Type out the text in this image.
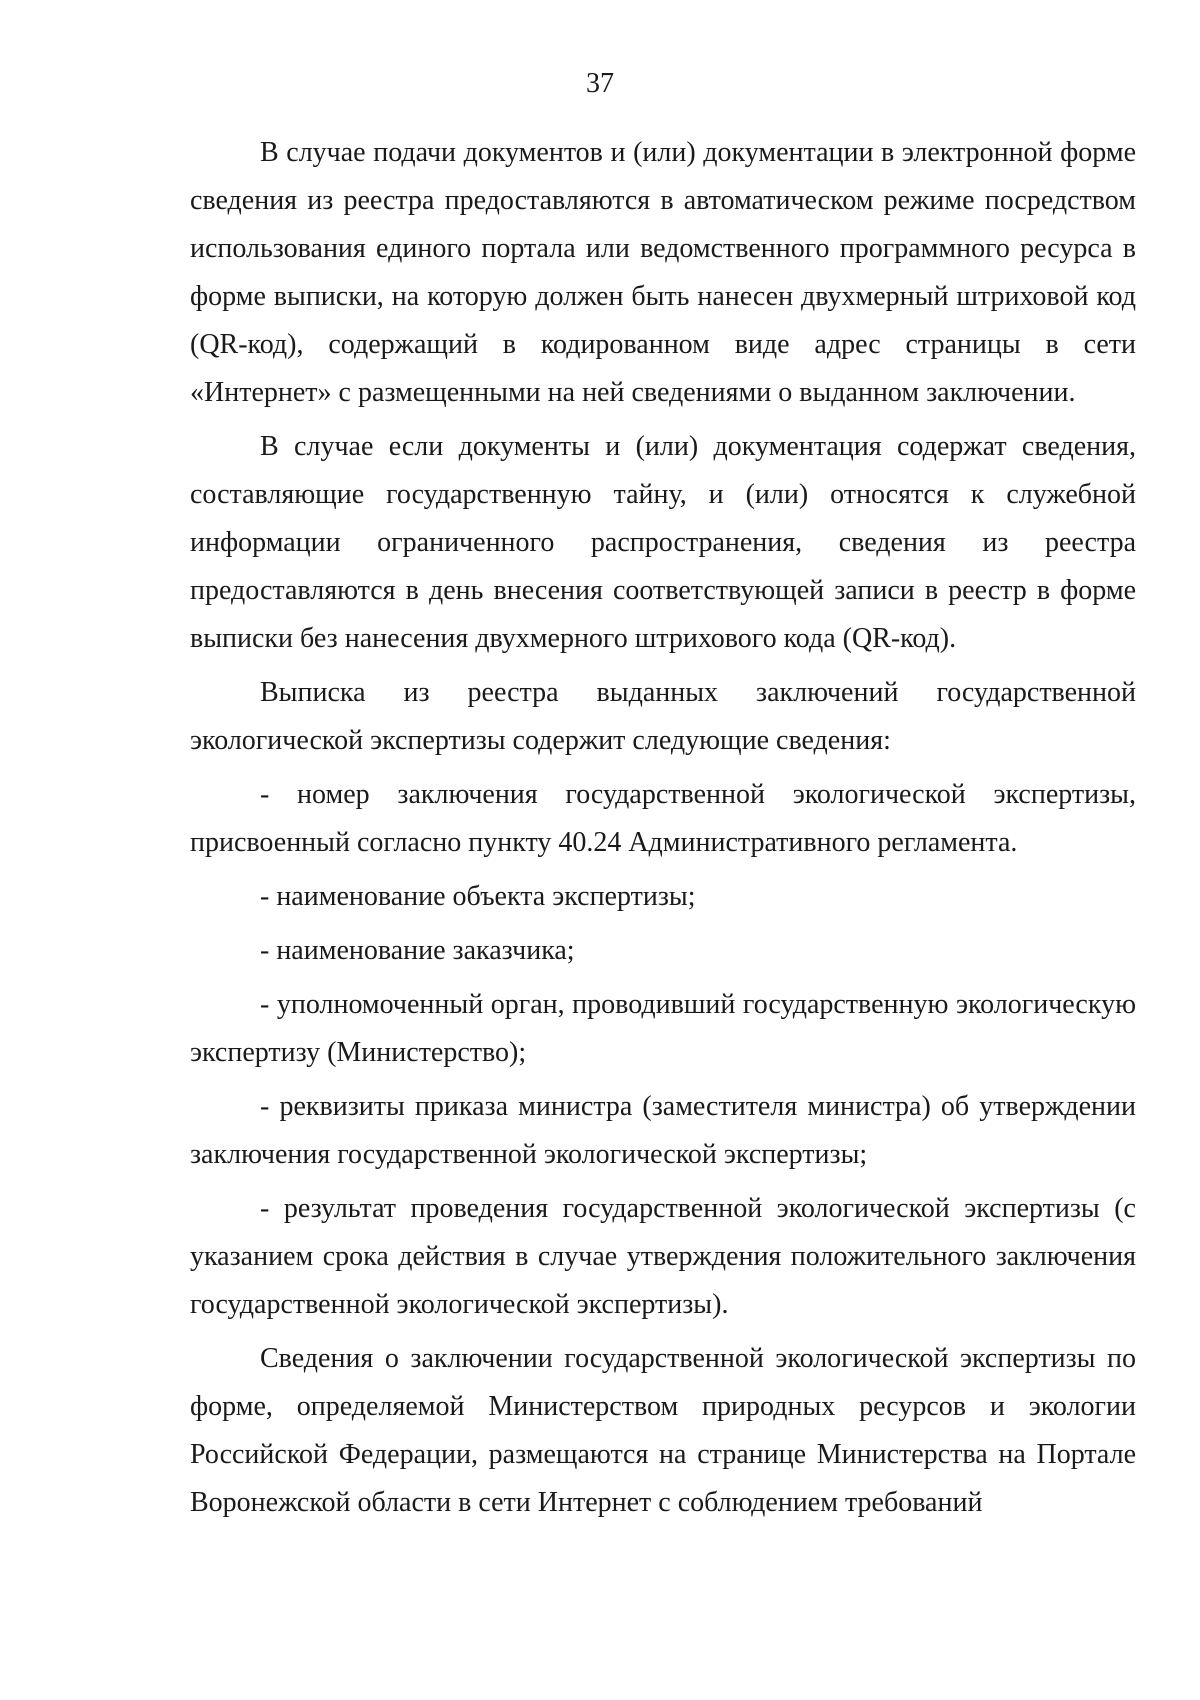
37

В случае подачи документов и (или) документации в электронной форме сведения из реестра предоставляются в автоматическом режиме посредством использования единого портала или ведомственного программного ресурса в форме выписки, на которую должен быть нанесен двухмерный штриховой код (QR-код), содержащий в кодированном виде адрес страницы в сети «Интернет» с размещенными на ней сведениями о выданном заключении.

В случае если документы и (или) документация содержат сведения, составляющие государственную тайну, и (или) относятся к служебной информации ограниченного распространения, сведения из реестра предоставляются в день внесения соответствующей записи в реестр в форме выписки без нанесения двухмерного штрихового кода (QR-код).

Выписка из реестра выданных заключений государственной экологической экспертизы содержит следующие сведения:

- номер заключения государственной экологической экспертизы, присвоенный согласно пункту 40.24 Административного регламента.

- наименование объекта экспертизы;

- наименование заказчика;

- уполномоченный орган, проводивший государственную экологическую экспертизу (Министерство);

- реквизиты приказа министра (заместителя министра) об утверждении заключения государственной экологической экспертизы;

- результат проведения государственной экологической экспертизы (с указанием срока действия в случае утверждения положительного заключения государственной экологической экспертизы).

Сведения о заключении государственной экологической экспертизы по форме, определяемой Министерством природных ресурсов и экологии Российской Федерации, размещаются на странице Министерства на Портале Воронежской области в сети Интернет с соблюдением требований
